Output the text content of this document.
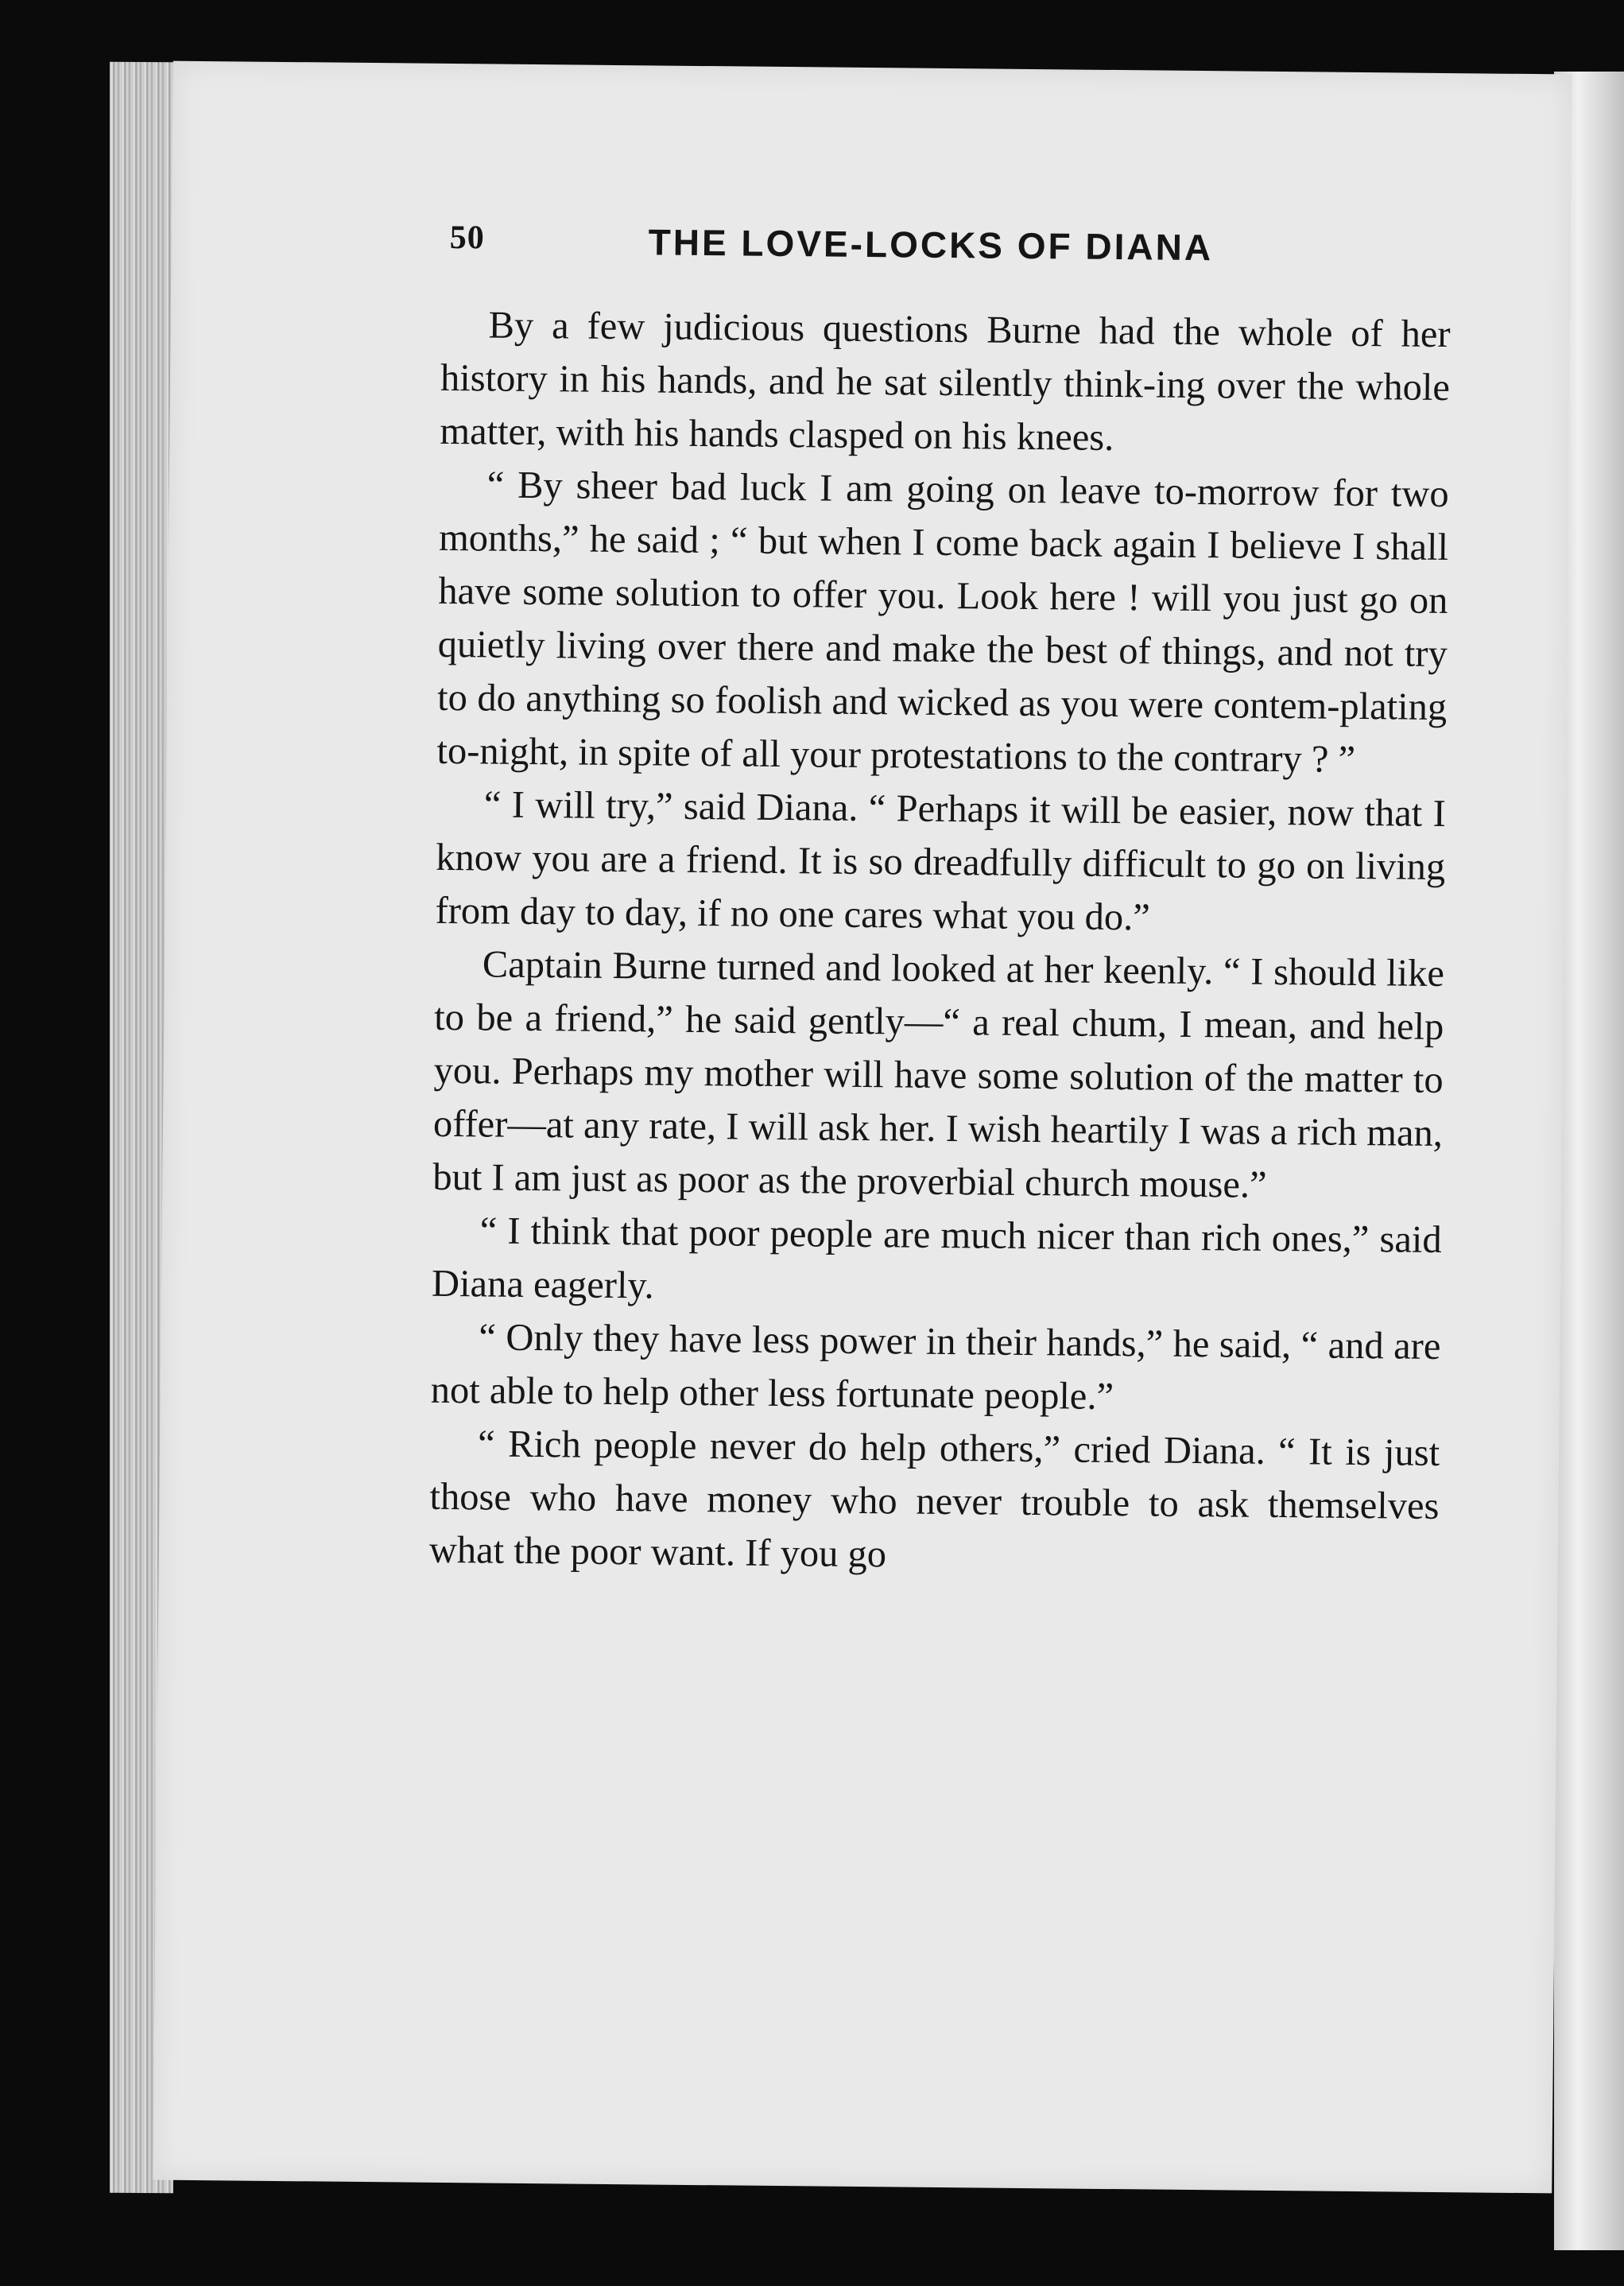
50	THE LOVE-LOCKS OF DIANA

By a few judicious questions Burne had the whole of her history in his hands, and he sat silently think-ing over the whole matter, with his hands clasped on his knees.

“ By sheer bad luck I am going on leave to-morrow for two months,” he said ; “ but when I come back again I believe I shall have some solution to offer you. Look here ! will you just go on quietly living over there and make the best of things, and not try to do anything so foolish and wicked as you were contem-plating to-night, in spite of all your protestations to the contrary ? ”

“ I will try,” said Diana. “ Perhaps it will be easier, now that I know you are a friend. It is so dreadfully difficult to go on living from day to day, if no one cares what you do.”

Captain Burne turned and looked at her keenly. “ I should like to be a friend,” he said gently—“ a real chum, I mean, and help you. Perhaps my mother will have some solution of the matter to offer—at any rate, I will ask her. I wish heartily I was a rich man, but I am just as poor as the proverbial church mouse.”

“ I think that poor people are much nicer than rich ones,” said Diana eagerly.

“ Only they have less power in their hands,” he said, “ and are not able to help other less fortunate people.”

“ Rich people never do help others,” cried Diana. “ It is just those who have money who never trouble to ask themselves what the poor want. If you go
